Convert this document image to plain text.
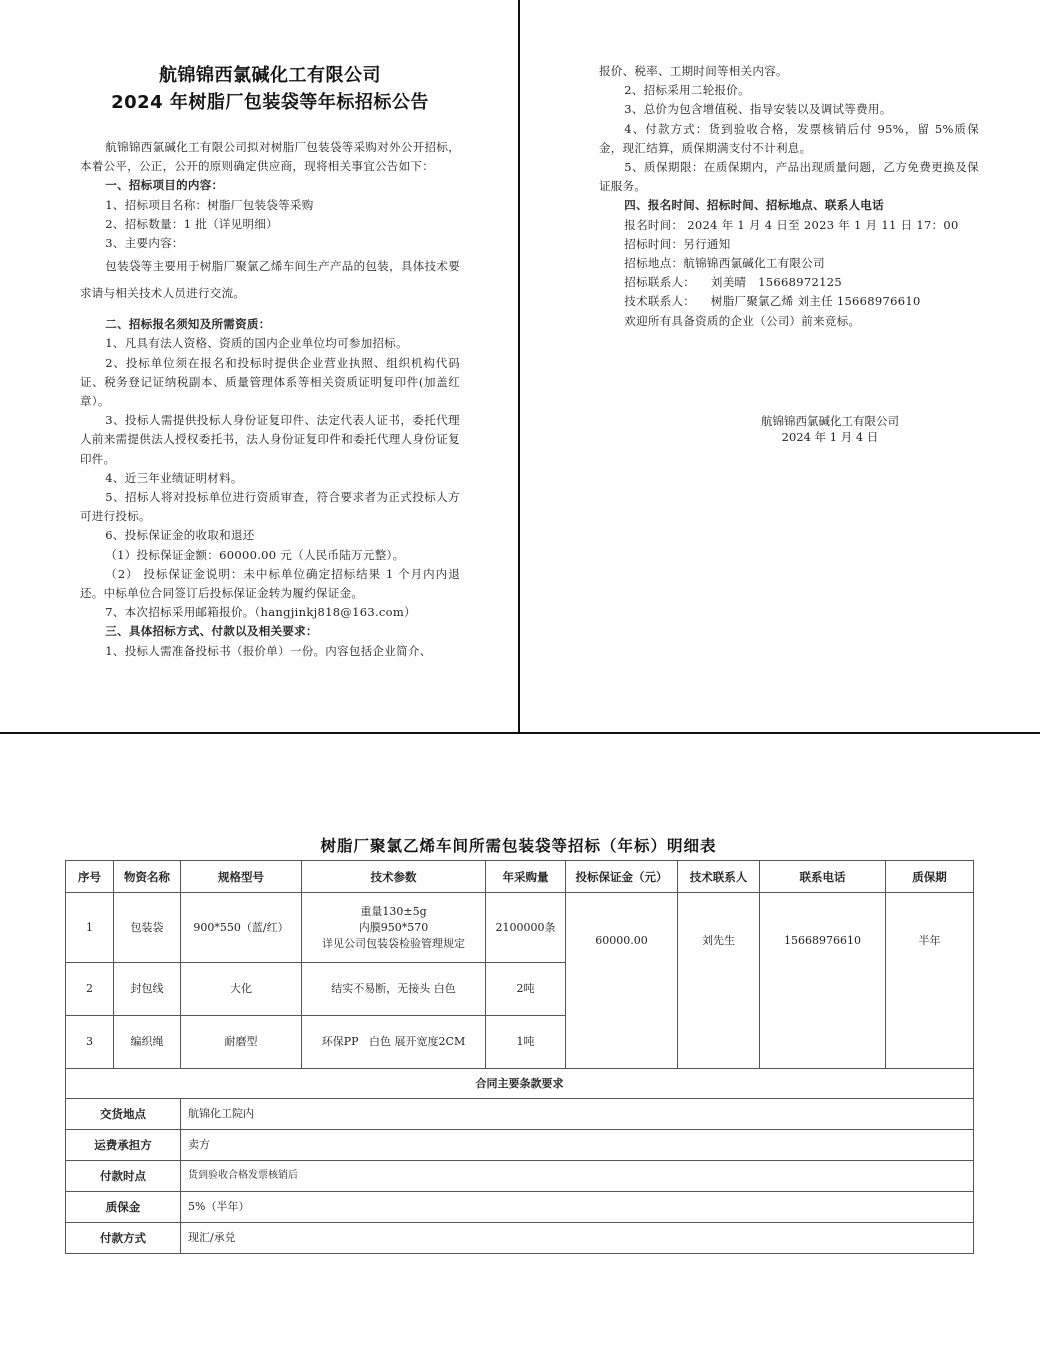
航锦锦西氯碱化工有限公司
2024 年树脂厂包装袋等年标招标公告

航锦锦西氯碱化工有限公司拟对树脂厂包装袋等采购对外公开招标，本着公平，公正，公开的原则确定供应商，现将相关事宜公告如下：

一、招标项目的内容：

1、招标项目名称：树脂厂包装袋等采购

2、招标数量：1 批（详见明细）

3、主要内容：

包装袋等主要用于树脂厂聚氯乙烯车间生产产品的包装，具体技术要求请与相关技术人员进行交流。

二、招标报名须知及所需资质：

1、凡具有法人资格、资质的国内企业单位均可参加招标。

2、投标单位须在报名和投标时提供企业营业执照、组织机构代码证、税务登记证纳税副本、质量管理体系等相关资质证明复印件(加盖红章）。

3、投标人需提供投标人身份证复印件、法定代表人证书，委托代理人前来需提供法人授权委托书，法人身份证复印件和委托代理人身份证复印件。

4、近三年业绩证明材料。

5、招标人将对投标单位进行资质审查，符合要求者为正式投标人方可进行投标。

6、投标保证金的收取和退还

（1）投标保证金额：60000.00 元（人民币陆万元整）。

（2） 投标保证金说明：未中标单位确定招标结果 1 个月内内退还。中标单位合同签订后投标保证金转为履约保证金。

7、本次招标采用邮箱报价。（hangjinkj818@163.com）

三、具体招标方式、付款以及相关要求：

1、投标人需准备投标书（报价单）一份。内容包括企业简介、

报价、税率、工期时间等相关内容。

2、招标采用二轮报价。

3、总价为包含增值税、指导安装以及调试等费用。

4、付款方式：货到验收合格，发票核销后付 95%，留 5%质保金，现汇结算，质保期满支付不计利息。

5、质保期限：在质保期内，产品出现质量问题，乙方免费更换及保证服务。

四、报名时间、招标时间、招标地点、联系人电话

报名时间： 2024 年 1 月 4 日至 2023 年 1 月 11 日 17：00

招标时间：另行通知

招标地点：航锦锦西氯碱化工有限公司

招标联系人：    刘美晴   15668972125

技术联系人：    树脂厂聚氯乙烯 刘主任 15668976610

欢迎所有具备资质的企业（公司）前来竞标。

航锦锦西氯碱化工有限公司
2024 年 1 月 4 日
树脂厂聚氯乙烯车间所需包装袋等招标（年标）明细表
序号	物资名称	规格型号	技术参数	年采购量	投标保证金（元）	技术联系人	联系电话	质保期
1	包装袋	900*550（蓝/红）	重量130±5g
内膜950*570
详见公司包装袋检验管理规定	2100000条	60000.00	刘先生	15668976610	半年
2	封包线	大化	结实不易断，无接头 白色	2吨				
3	编织绳	耐磨型	环保PP   白色 展开宽度2CM	1吨				
合同主要条款要求								
交货地点		航锦化工院内						
运费承担方		卖方						
付款时点		货到验收合格发票核销后						
质保金		5%（半年）						
付款方式		现汇/承兑						
